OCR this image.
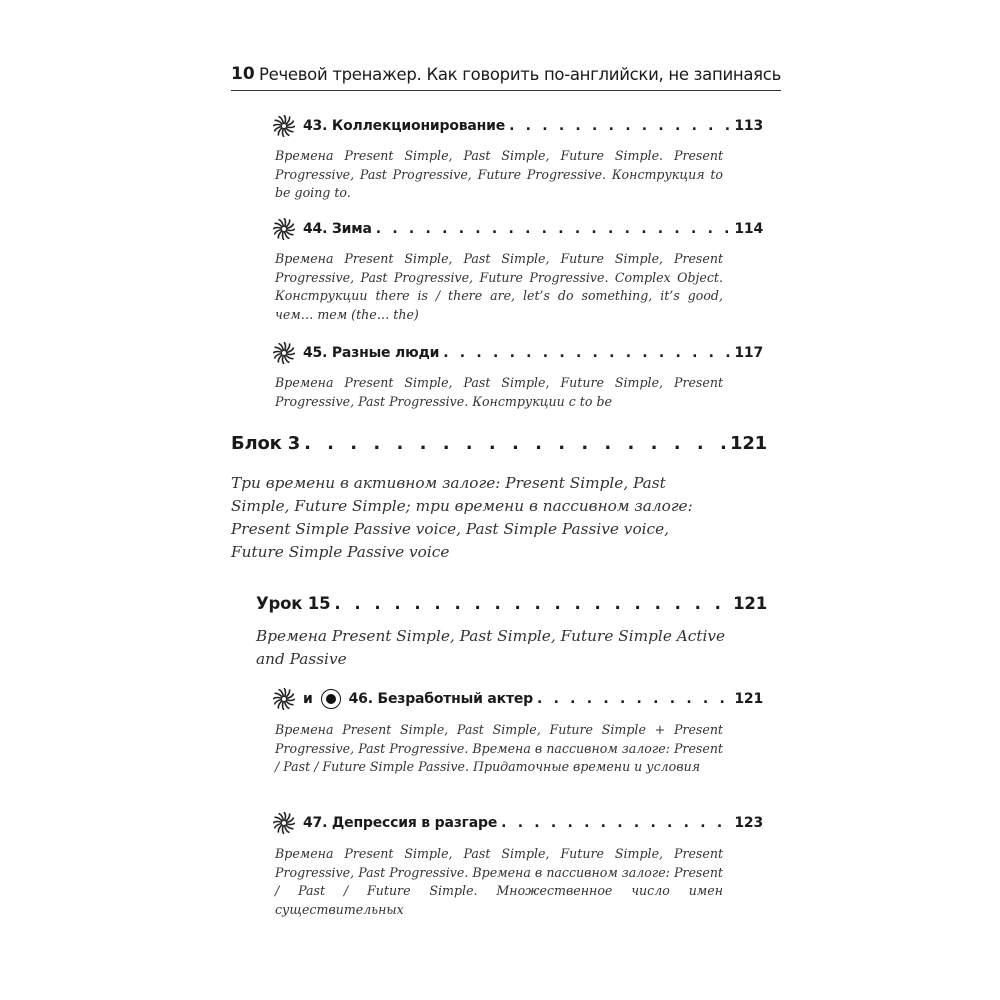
10 Речевой тренажер. Как говорить по-английски, не запинаясь
43. Коллекционирование . . .	113
Времена Present Simple, Past Simple, Future Simple. Present Progressive, Past Progressive, Future Progressive. Конструкция to be going to.
44. Зима . . .	114
Времена Present Simple, Past Simple, Future Simple, Present Progressive, Past Progressive, Future Progressive. Complex Object. Конструкции there is / there are, let’s do something, it’s good, чем… тем (the… the)
45. Разные люди . . .	117
Времена Present Simple, Past Simple, Future Simple, Present Progressive, Past Progressive. Конструкции с to be
Блок 3 . . .	121
Три времени в активном залоге: Present Simple, Past Simple, Future Simple; три времени в пассивном залоге: Present Simple Passive voice, Past Simple Passive voice, Future Simple Passive voice
Урок 15 . . .	121
Времена Present Simple, Past Simple, Future Simple Active and Passive
и	46. Безработный актер . . .	121
Времена Present Simple, Past Simple, Future Simple + Present Progressive, Past Progressive. Времена в пассивном залоге: Present / Past / Future Simple Passive. Придаточные времени и условия
47. Депрессия в разгаре . . .	123
Времена Present Simple, Past Simple, Future Simple, Present Progressive, Past Progressive. Времена в пассивном залоге: Present / Past / Future Simple. Множественное число имен существительных
